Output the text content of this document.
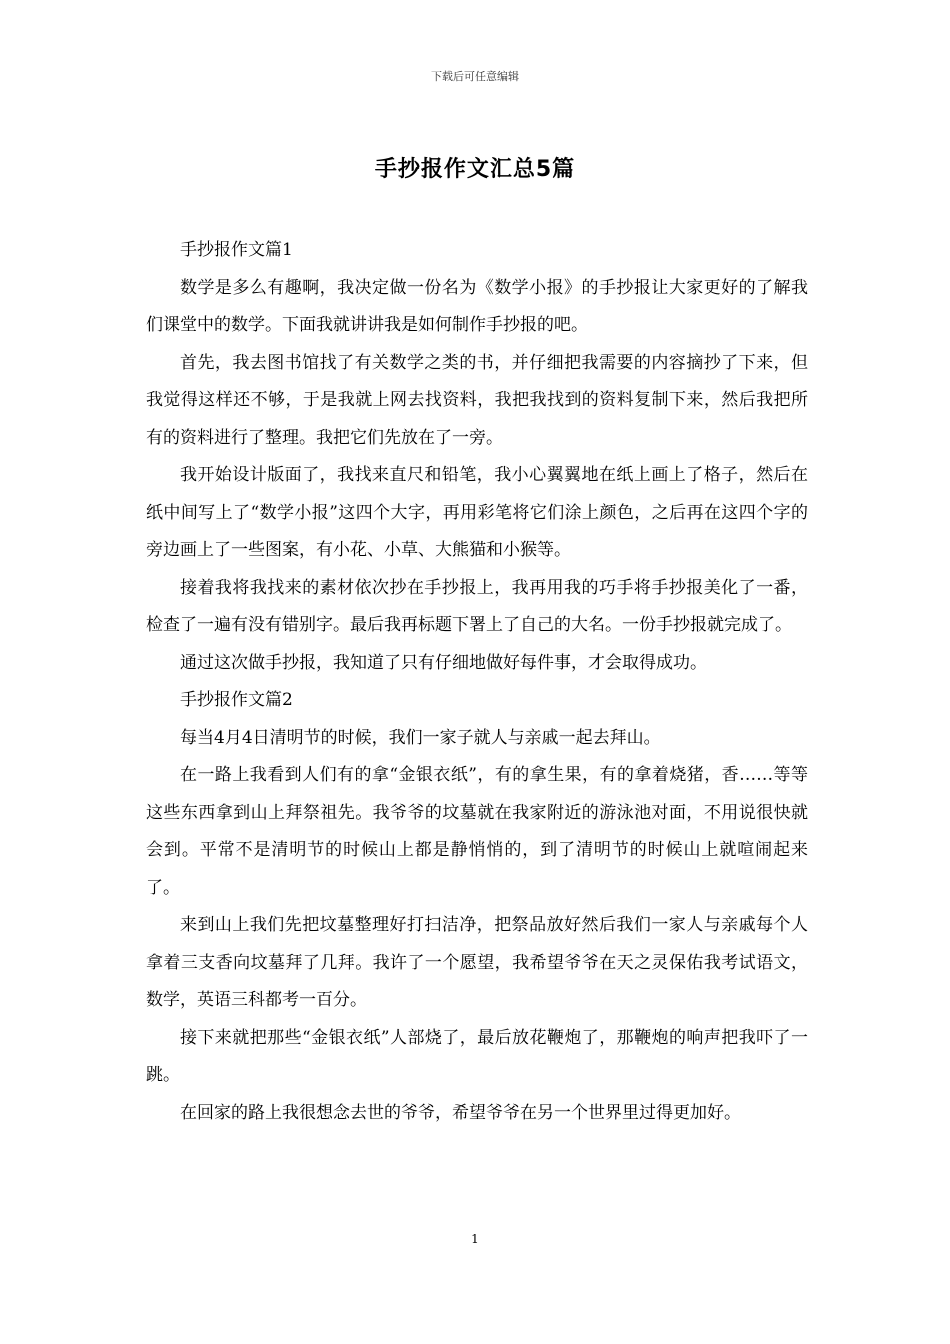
下载后可任意编辑
手抄报作文汇总5篇

手抄报作文篇1

数学是多么有趣啊，我决定做一份名为《数学小报》的手抄报让大家更好的了解我们课堂中的数学。下面我就讲讲我是如何制作手抄报的吧。

首先，我去图书馆找了有关数学之类的书，并仔细把我需要的内容摘抄了下来，但我觉得这样还不够，于是我就上网去找资料，我把我找到的资料复制下来，然后我把所有的资料进行了整理。我把它们先放在了一旁。

我开始设计版面了，我找来直尺和铅笔，我小心翼翼地在纸上画上了格子，然后在纸中间写上了“数学小报”这四个大字，再用彩笔将它们涂上颜色，之后再在这四个字的旁边画上了一些图案，有小花、小草、大熊猫和小猴等。

接着我将我找来的素材依次抄在手抄报上，我再用我的巧手将手抄报美化了一番，检查了一遍有没有错别字。最后我再标题下署上了自己的大名。一份手抄报就完成了。

通过这次做手抄报，我知道了只有仔细地做好每件事，才会取得成功。

手抄报作文篇2

每当4月4日清明节的时候，我们一家子就人与亲戚一起去拜山。

在一路上我看到人们有的拿“金银衣纸”，有的拿生果，有的拿着烧猪，香……等等这些东西拿到山上拜祭祖先。我爷爷的坟墓就在我家附近的游泳池对面，不用说很快就会到。平常不是清明节的时候山上都是静悄悄的，到了清明节的时候山上就喧闹起来了。

来到山上我们先把坟墓整理好打扫洁净，把祭品放好然后我们一家人与亲戚每个人拿着三支香向坟墓拜了几拜。我许了一个愿望，我希望爷爷在天之灵保佑我考试语文，数学，英语三科都考一百分。

接下来就把那些“金银衣纸”人部烧了，最后放花鞭炮了，那鞭炮的响声把我吓了一跳。

在回家的路上我很想念去世的爷爷，希望爷爷在另一个世界里过得更加好。

1
